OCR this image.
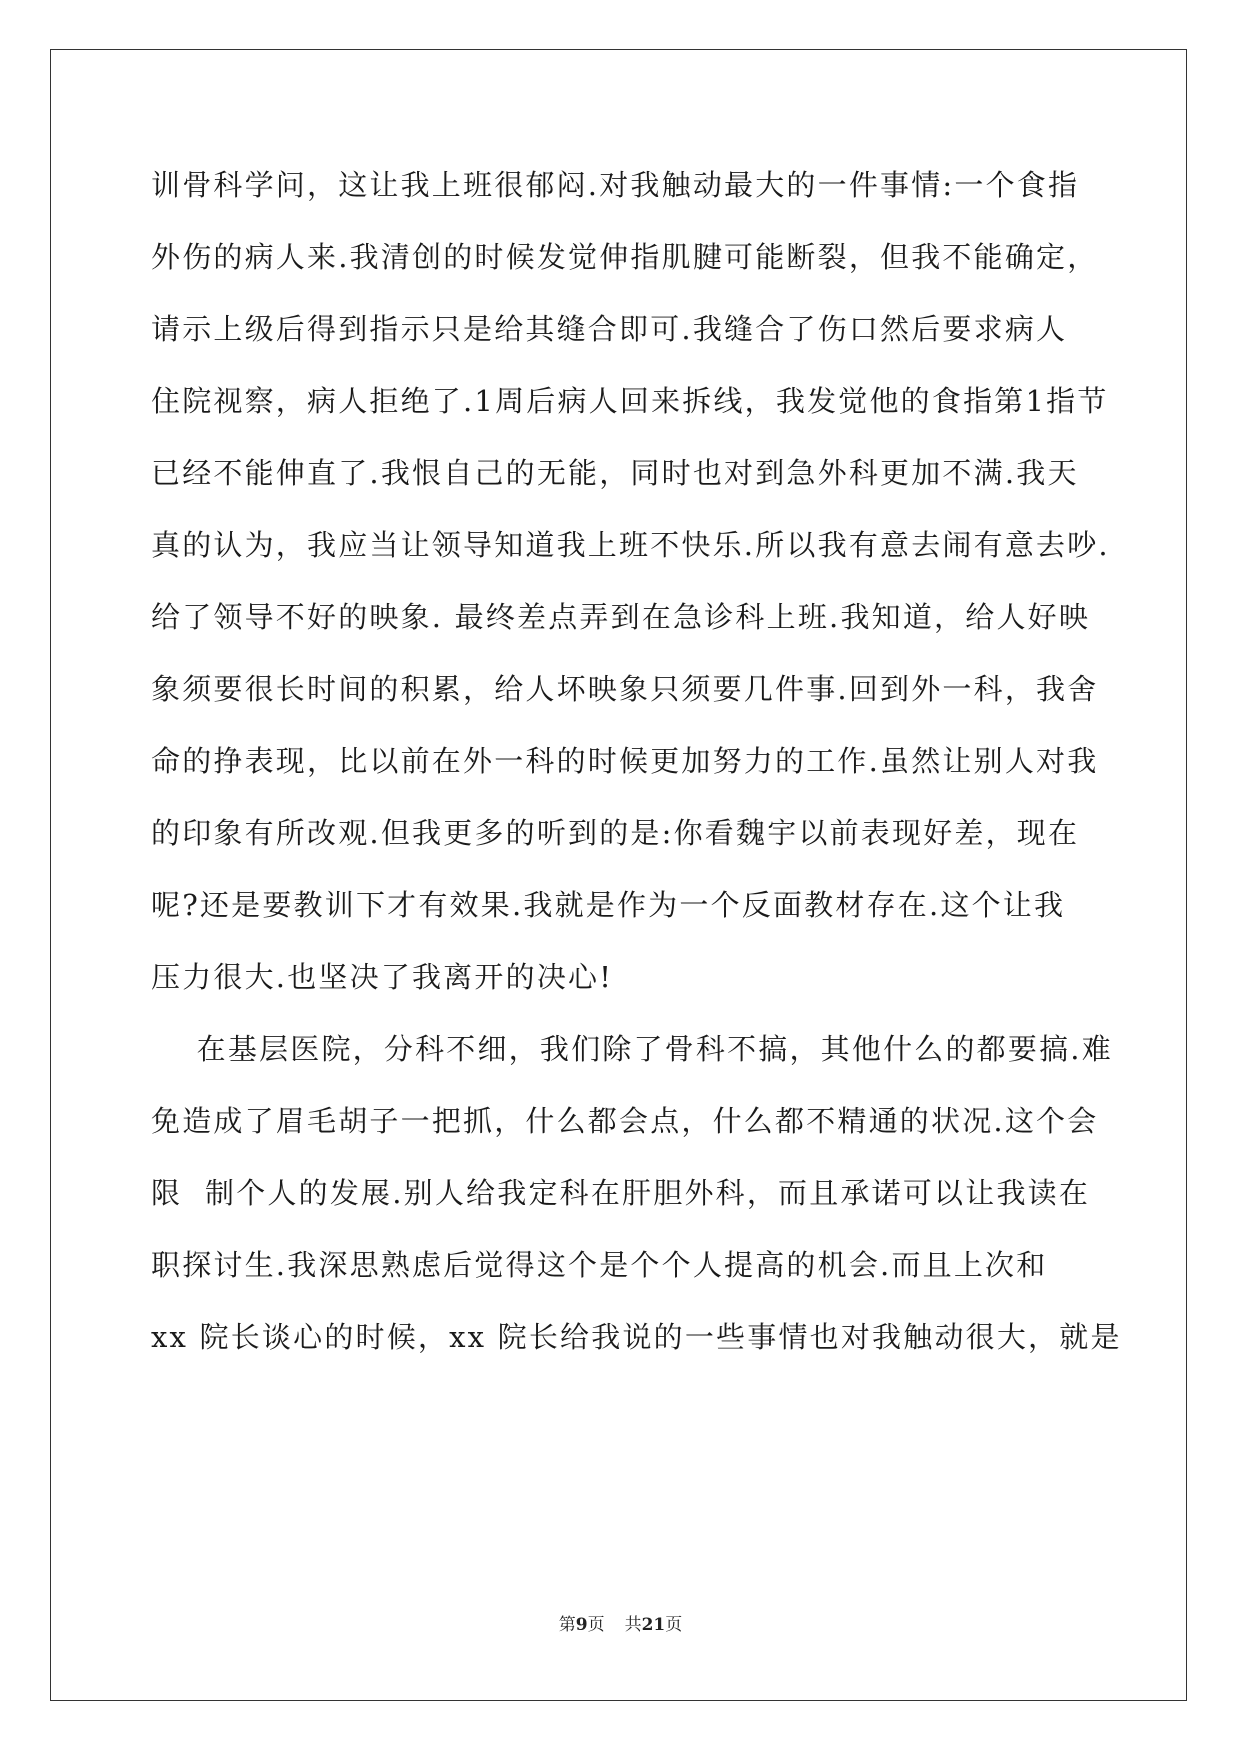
训骨科学问，这让我上班很郁闷.对我触动最大的一件事情:一个食指
外伤的病人来.我清创的时候发觉伸指肌腱可能断裂，但我不能确定，
请示上级后得到指示只是给其缝合即可.我缝合了伤口然后要求病人
住院视察，病人拒绝了.1周后病人回来拆线，我发觉他的食指第1指节
已经不能伸直了.我恨自己的无能，同时也对到急外科更加不满.我天
真的认为，我应当让领导知道我上班不快乐.所以我有意去闹有意去吵.
给了领导不好的映象. 最终差点弄到在急诊科上班.我知道，给人好映
象须要很长时间的积累，给人坏映象只须要几件事.回到外一科，我舍
命的挣表现，比以前在外一科的时候更加努力的工作.虽然让别人对我
的印象有所改观.但我更多的听到的是:你看魏宇以前表现好差，现在
呢?还是要教训下才有效果.我就是作为一个反面教材存在.这个让我
压力很大.也坚决了我离开的决心!
在基层医院，分科不细，我们除了骨科不搞，其他什么的都要搞.难
免造成了眉毛胡子一把抓，什么都会点，什么都不精通的状况.这个会
限  制个人的发展.别人给我定科在肝胆外科，而且承诺可以让我读在
职探讨生.我深思熟虑后觉得这个是个个人提高的机会.而且上次和
xx 院长谈心的时候，xx 院长给我说的一些事情也对我触动很大，就是
第9页 共21页
